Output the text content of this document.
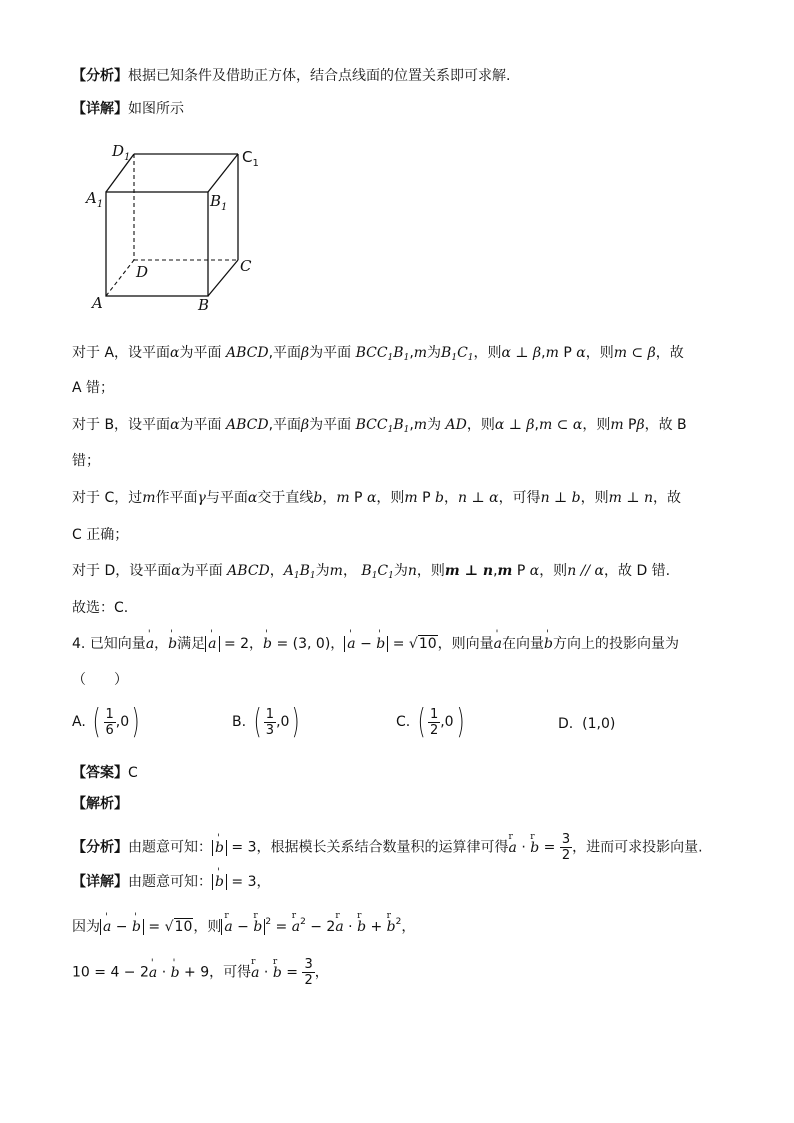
【分析】根据已知条件及借助正方体，结合点线面的位置关系即可求解.
【详解】如图所示
$D_1$	$C_1$
$A_1$	$B_1$
D	C
A	B
对于 A，设平面α为平面 ABCD,平面β为平面 $BCC_1B_1,m$为$B_1C_1$，则α ⊥ β,m P α，则m ⊂ β，故
A 错；
对于 B，设平面α为平面 ABCD,平面β为平面 $BCC_1B_1,m$为 AD，则α ⊥ β,m ⊂ α，则m Pβ，故 B
错；
对于 C，过m作平面γ与平面α交于直线b，m P α，则m P b，n ⊥ α，可得n ⊥ b，则m ⊥ n，故
C 正确；
对于 D，设平面α为平面 ABCD，$A_1B_1$为m， $B_1C_1$为n，则m ⊥ n,m P α，则n // α，故 D 错.
故选：C.
4. 已知向量' a，' b满足 ' a = 2，' b = (3, 0)， ' a − ' b = √10，则向量' a在向量' b方向上的投影向量为
（　　）
A. ( $\frac{1}{6} ,0$)	B. ( $\frac{1}{3} ,0$)	C. ( $\frac{1}{2} ,0$)	D. (1,0)
【答案】C
【解析】
【分析】由题意可知： ' b = 3，根据模长关系结合数量积的运算律可得r a · r $b = \frac{3}{2}$ ，进而可求投影向量.
【详解】由题意可知： ' b = 3，
因为 ' a − ' b = √10，则 r a − r b $^2$ = r $a^2 - 2r$ a · r b + r $b^2$，
10 = 4 − 2' a · ' b + 9，可得r a · r $b = \frac{3}{2}$ ，
